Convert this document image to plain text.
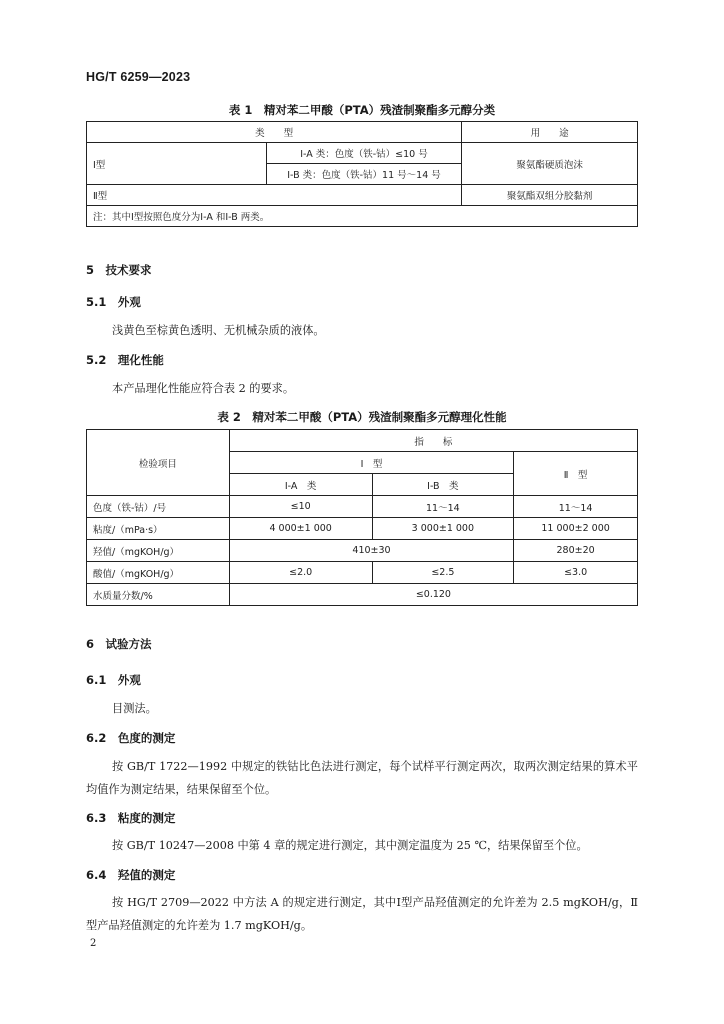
HG/T 6259—2023
表 1　精对苯二甲酸（PTA）残渣制聚酯多元醇分类
类　　型		用　　途
Ⅰ型	Ⅰ-A 类：色度（铁-钴）≤10 号	聚氨酯硬质泡沫
	Ⅰ-B 类：色度（铁-钴）11 号～14 号	
Ⅱ型		聚氨酯双组分胶黏剂
注：其中Ⅰ型按照色度分为Ⅰ-A 和Ⅰ-B 两类。		
5　技术要求
5.1　外观
浅黄色至棕黄色透明、无机械杂质的液体。
5.2　理化性能
本产品理化性能应符合表 2 的要求。
表 2　精对苯二甲酸（PTA）残渣制聚酯多元醇理化性能
检验项目	指　　标		
	Ⅰ　型		Ⅱ　型
	Ⅰ-A　类	Ⅰ-B　类	
色度（铁-钴）/号	≤10	11～14	11～14
粘度/（mPa·s）	4 000±1 000	3 000±1 000	11 000±2 000
羟值/（mgKOH/g）	410±30		280±20
酸值/（mgKOH/g）	≤2.0	≤2.5	≤3.0
水质量分数/%	≤0.120		
6　试验方法
6.1　外观
目测法。
6.2　色度的测定
按 GB/T 1722—1992 中规定的铁钴比色法进行测定，每个试样平行测定两次，取两次测定结果的算术平均值作为测定结果，结果保留至个位。
6.3　粘度的测定
按 GB/T 10247—2008 中第 4 章的规定进行测定，其中测定温度为 25 ℃，结果保留至个位。
6.4　羟值的测定
按 HG/T 2709—2022 中方法 A 的规定进行测定，其中Ⅰ型产品羟值测定的允许差为 2.5 mgKOH/g，Ⅱ型产品羟值测定的允许差为 1.7 mgKOH/g。
2
